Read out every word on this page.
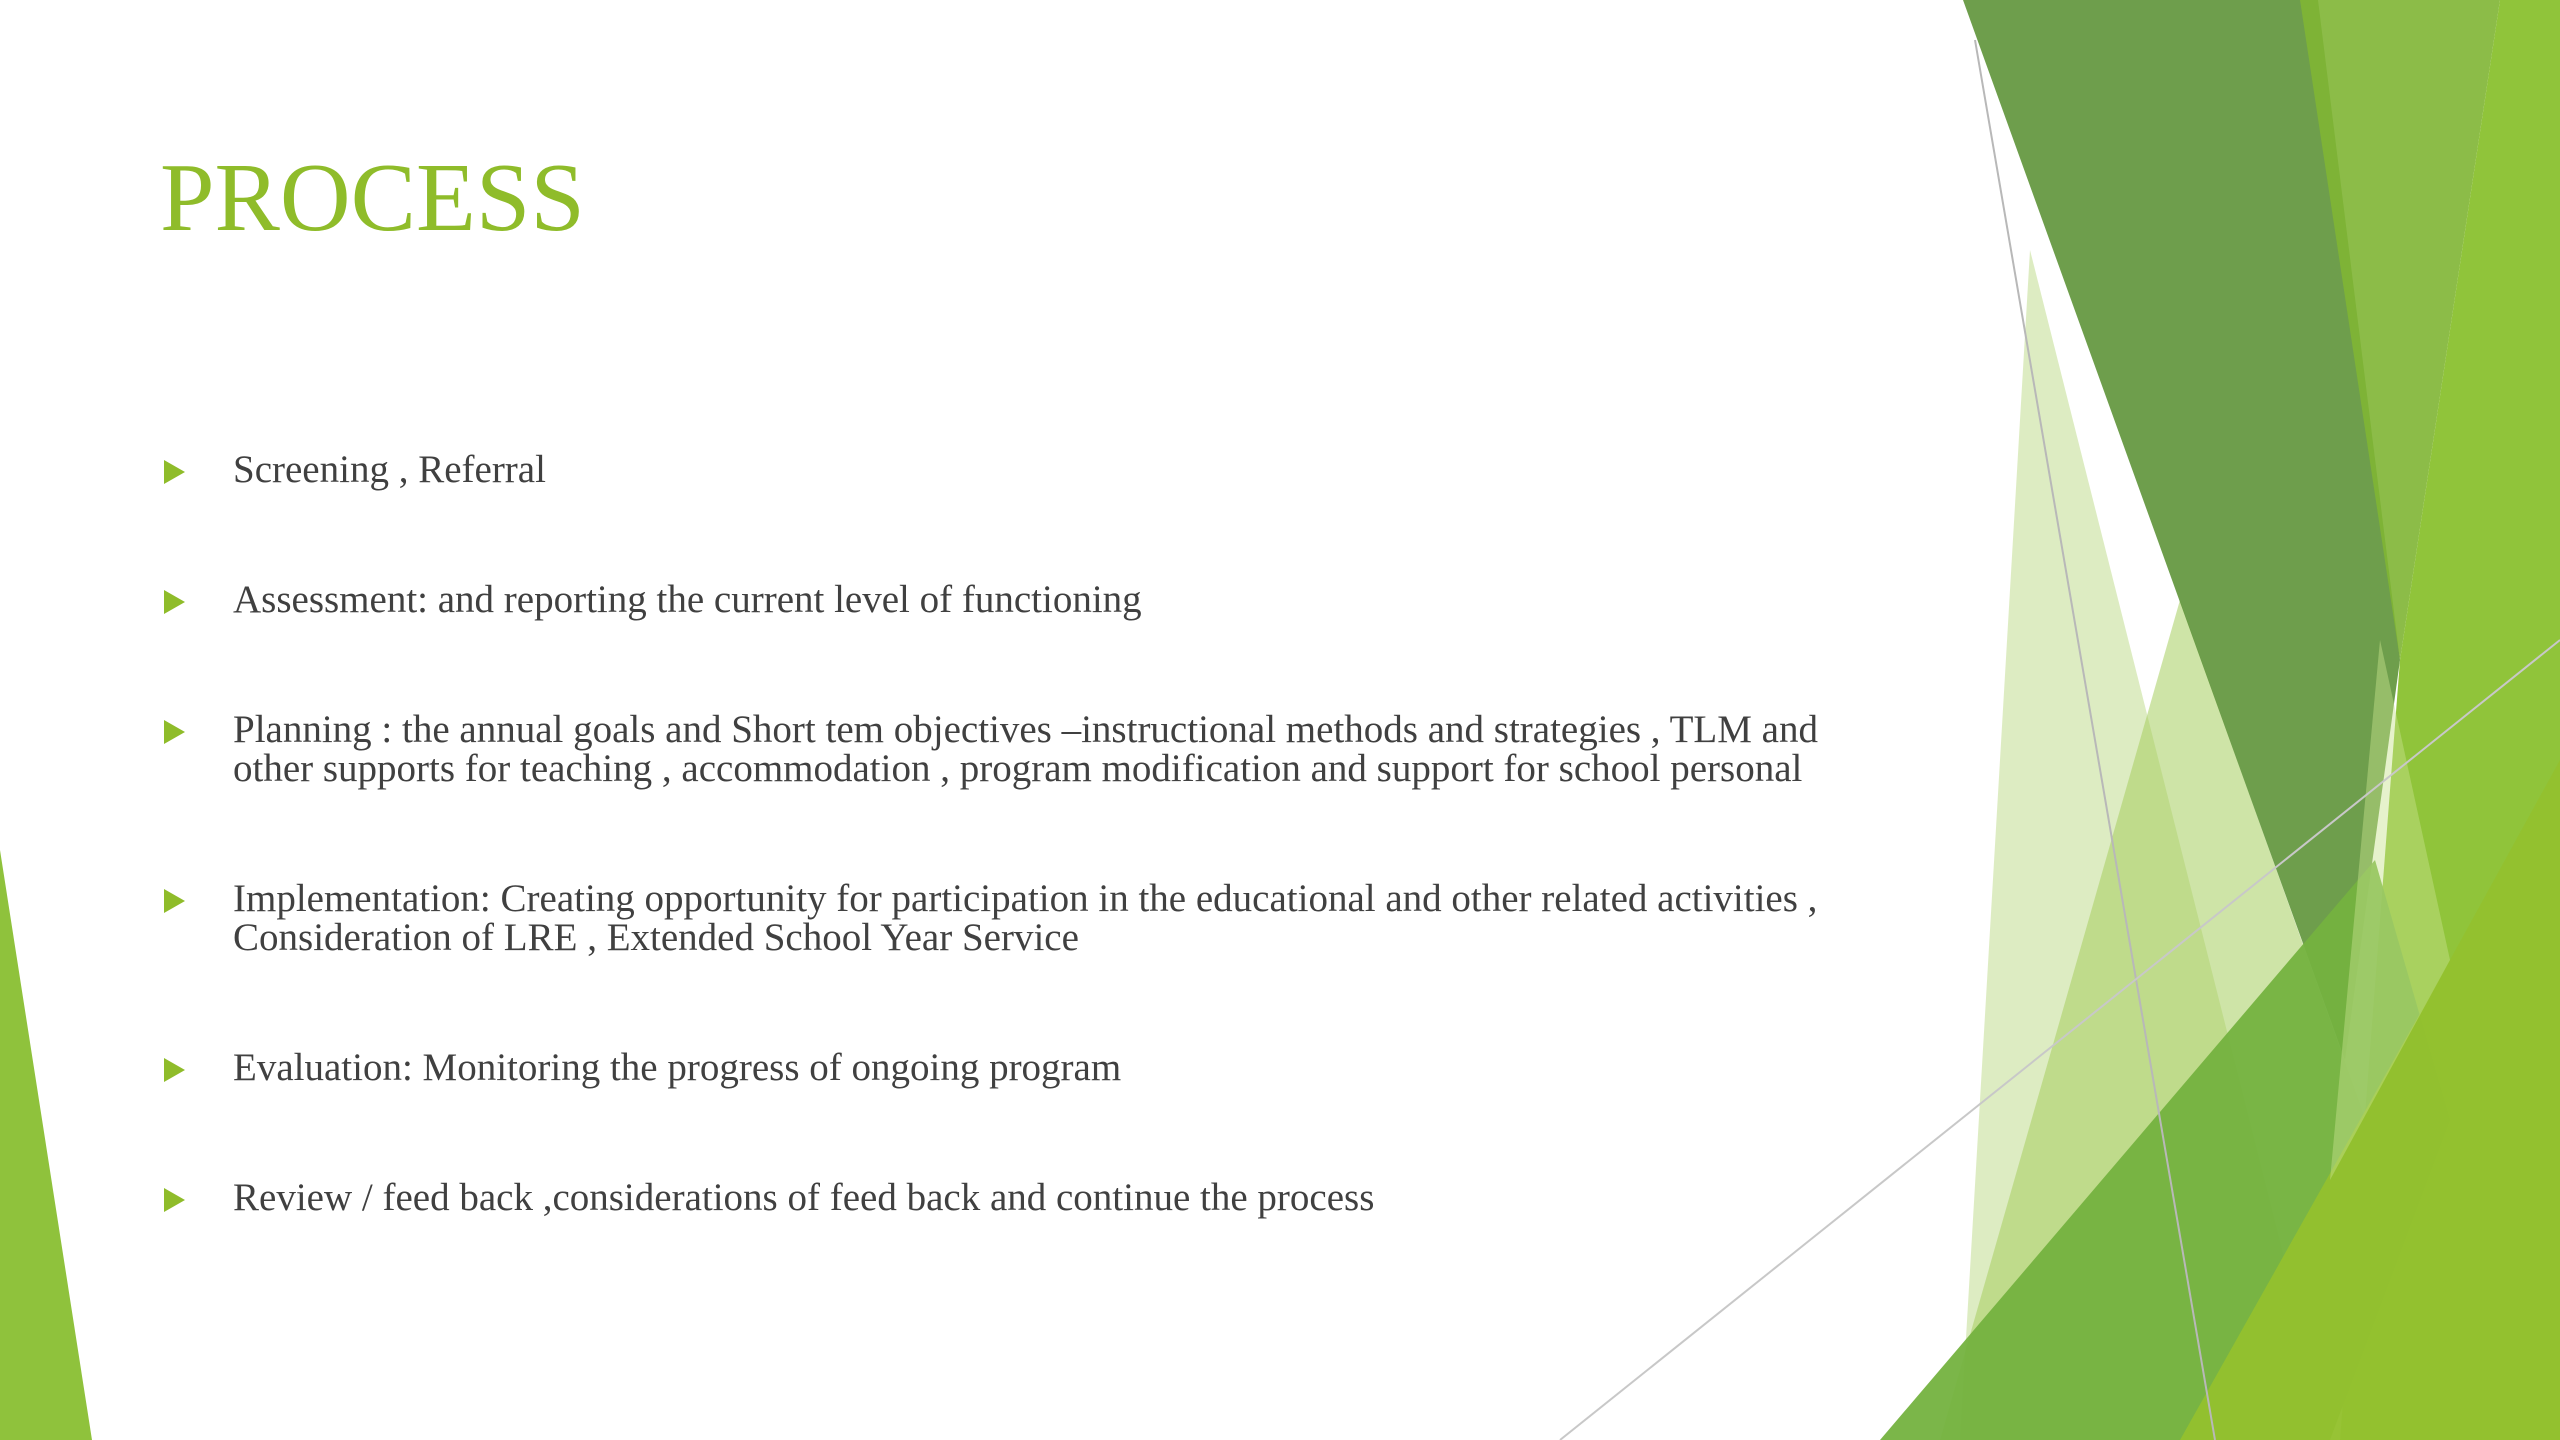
PROCESS
Screening , Referral
Assessment: and reporting the current level of functioning
Planning : the annual goals and Short tem objectives –instructional methods and strategies , TLM and other supports for teaching , accommodation , program modification and support for school personal
Implementation: Creating opportunity for participation in the educational and other related activities , Consideration of LRE , Extended School Year Service
Evaluation: Monitoring the progress of ongoing program
Review / feed back ,considerations of feed back and continue the process
